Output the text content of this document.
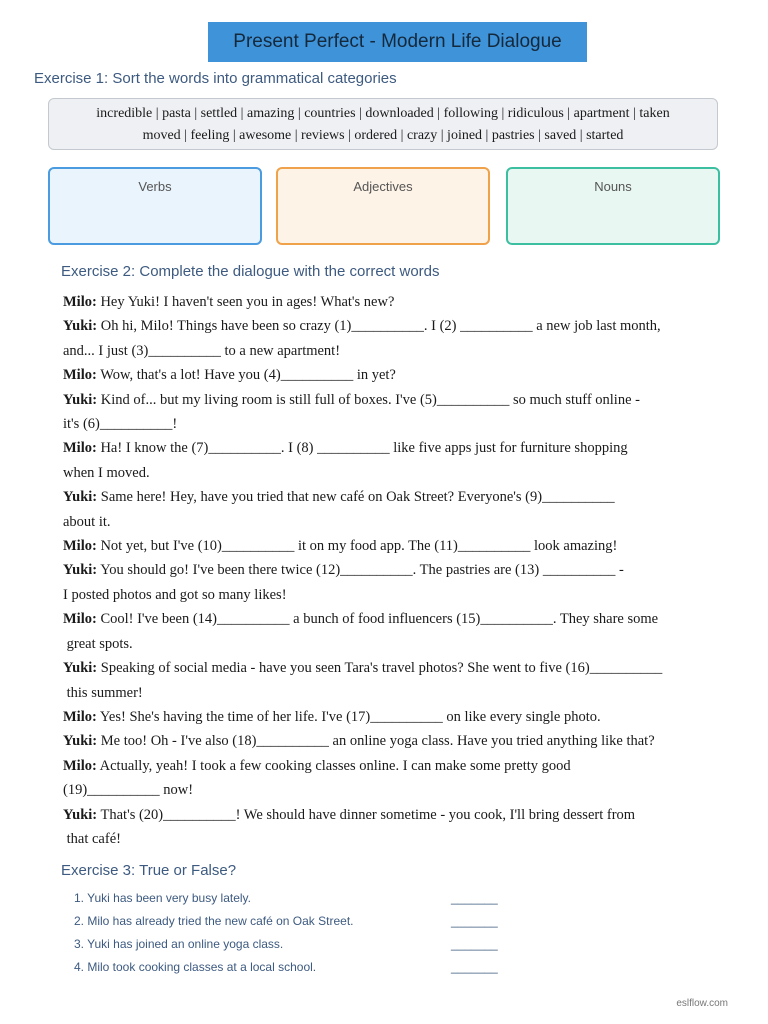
Present Perfect - Modern Life Dialogue
Exercise 1: Sort the words into grammatical categories
incredible | pasta | settled | amazing | countries | downloaded | following | ridiculous | apartment | taken
moved | feeling | awesome | reviews | ordered | crazy | joined | pastries | saved | started
Verbs	Adjectives	Nouns
Exercise 2: Complete the dialogue with the correct words

Milo: Hey Yuki! I haven't seen you in ages! What's new?

Yuki: Oh hi, Milo! Things have been so crazy (1)__________. I (2) __________ a new job last month,

and... I just (3)__________ to a new apartment!

Milo: Wow, that's a lot! Have you (4)__________ in yet?

Yuki: Kind of... but my living room is still full of boxes. I've (5)__________ so much stuff online -

it's (6)__________!

Milo: Ha! I know the (7)__________. I (8) __________ like five apps just for furniture shopping

when I moved.

Yuki: Same here! Hey, have you tried that new café on Oak Street? Everyone's (9)__________

about it.

Milo: Not yet, but I've (10)__________ it on my food app. The (11)__________ look amazing!

Yuki: You should go! I've been there twice (12)__________. The pastries are (13) __________ -

I posted photos and got so many likes!

Milo: Cool! I've been (14)__________ a bunch of food influencers (15)__________. They share some

great spots.

Yuki: Speaking of social media - have you seen Tara's travel photos? She went to five (16)__________

this summer!

Milo: Yes! She's having the time of her life. I've (17)__________ on like every single photo.

Yuki: Me too! Oh - I've also (18)__________ an online yoga class. Have you tried anything like that?

Milo: Actually, yeah! I took a few cooking classes online. I can make some pretty good

(19)__________ now!

Yuki: That's (20)__________! We should have dinner sometime - you cook, I'll bring dessert from

that café!

Exercise 3: True or False?
1. Yuki has been very busy lately.
2. Milo has already tried the new café on Oak Street.
3. Yuki has joined an online yoga class.
4. Milo took cooking classes at a local school.
_______
_______
_______
_______
eslflow.com
